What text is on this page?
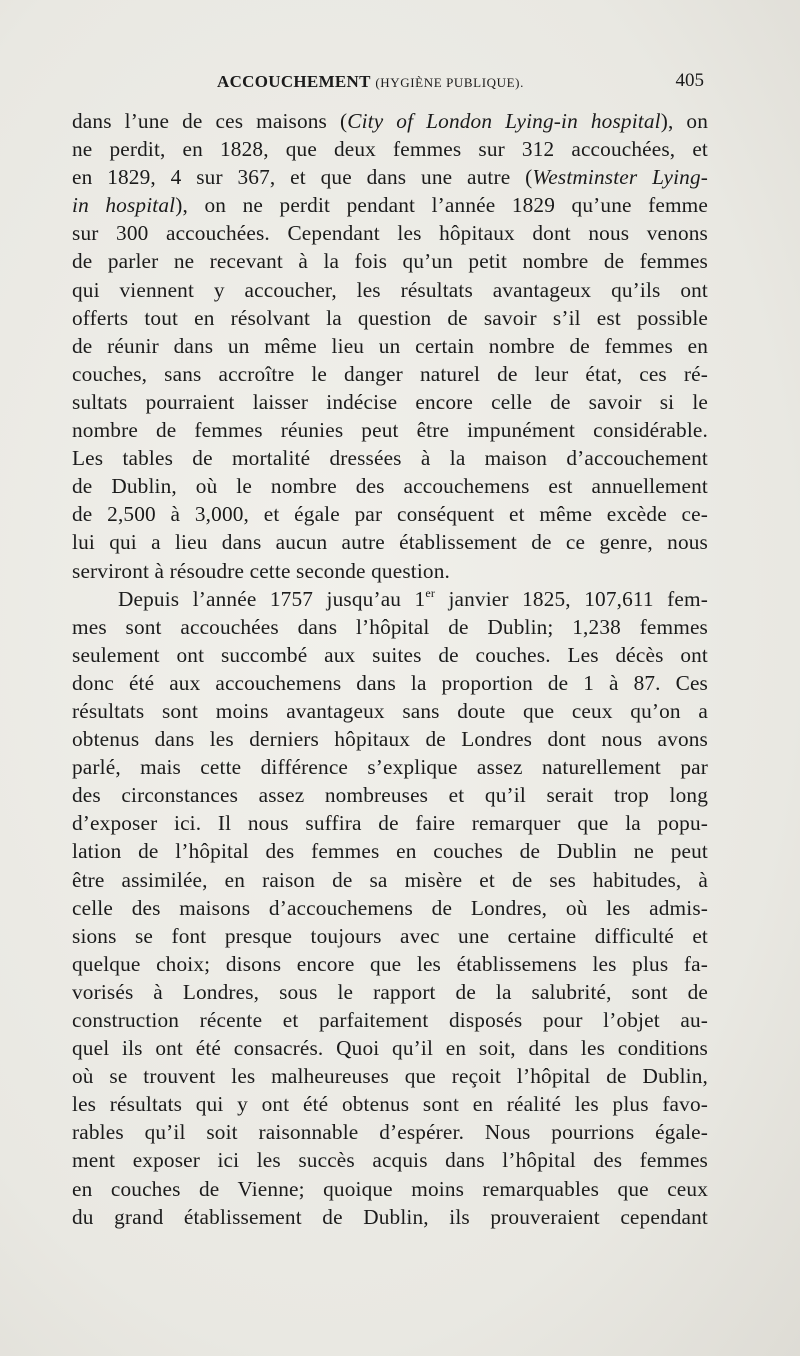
ACCOUCHEMENT (HYGIÈNE PUBLIQUE).	405
dans l’une de ces maisons (City of London Lying-in hospital), on
ne perdit, en 1828, que deux femmes sur 312 accouchées, et
en 1829, 4 sur 367, et que dans une autre (Westminster Lying-
in hospital), on ne perdit pendant l’année 1829 qu’une femme
sur 300 accouchées. Cependant les hôpitaux dont nous venons
de parler ne recevant à la fois qu’un petit nombre de femmes
qui viennent y accoucher, les résultats avantageux qu’ils ont
offerts tout en résolvant la question de savoir s’il est possible
de réunir dans un même lieu un certain nombre de femmes en
couches, sans accroître le danger naturel de leur état, ces ré-
sultats pourraient laisser indécise encore celle de savoir si le
nombre de femmes réunies peut être impunément considérable.
Les tables de mortalité dressées à la maison d’accouchement
de Dublin, où le nombre des accouchemens est annuellement
de 2,500 à 3,000, et égale par conséquent et même excède ce-
lui qui a lieu dans aucun autre établissement de ce genre, nous
serviront à résoudre cette seconde question.
Depuis l’année 1757 jusqu’au 1er janvier 1825, 107,611 fem-
mes sont accouchées dans l’hôpital de Dublin; 1,238 femmes
seulement ont succombé aux suites de couches. Les décès ont
donc été aux accouchemens dans la proportion de 1 à 87. Ces
résultats sont moins avantageux sans doute que ceux qu’on a
obtenus dans les derniers hôpitaux de Londres dont nous avons
parlé, mais cette différence s’explique assez naturellement par
des circonstances assez nombreuses et qu’il serait trop long
d’exposer ici. Il nous suffira de faire remarquer que la popu-
lation de l’hôpital des femmes en couches de Dublin ne peut
être assimilée, en raison de sa misère et de ses habitudes, à
celle des maisons d’accouchemens de Londres, où les admis-
sions se font presque toujours avec une certaine difficulté et
quelque choix; disons encore que les établissemens les plus fa-
vorisés à Londres, sous le rapport de la salubrité, sont de
construction récente et parfaitement disposés pour l’objet au-
quel ils ont été consacrés. Quoi qu’il en soit, dans les conditions
où se trouvent les malheureuses que reçoit l’hôpital de Dublin,
les résultats qui y ont été obtenus sont en réalité les plus favo-
rables qu’il soit raisonnable d’espérer. Nous pourrions égale-
ment exposer ici les succès acquis dans l’hôpital des femmes
en couches de Vienne; quoique moins remarquables que ceux
du grand établissement de Dublin, ils prouveraient cependant
